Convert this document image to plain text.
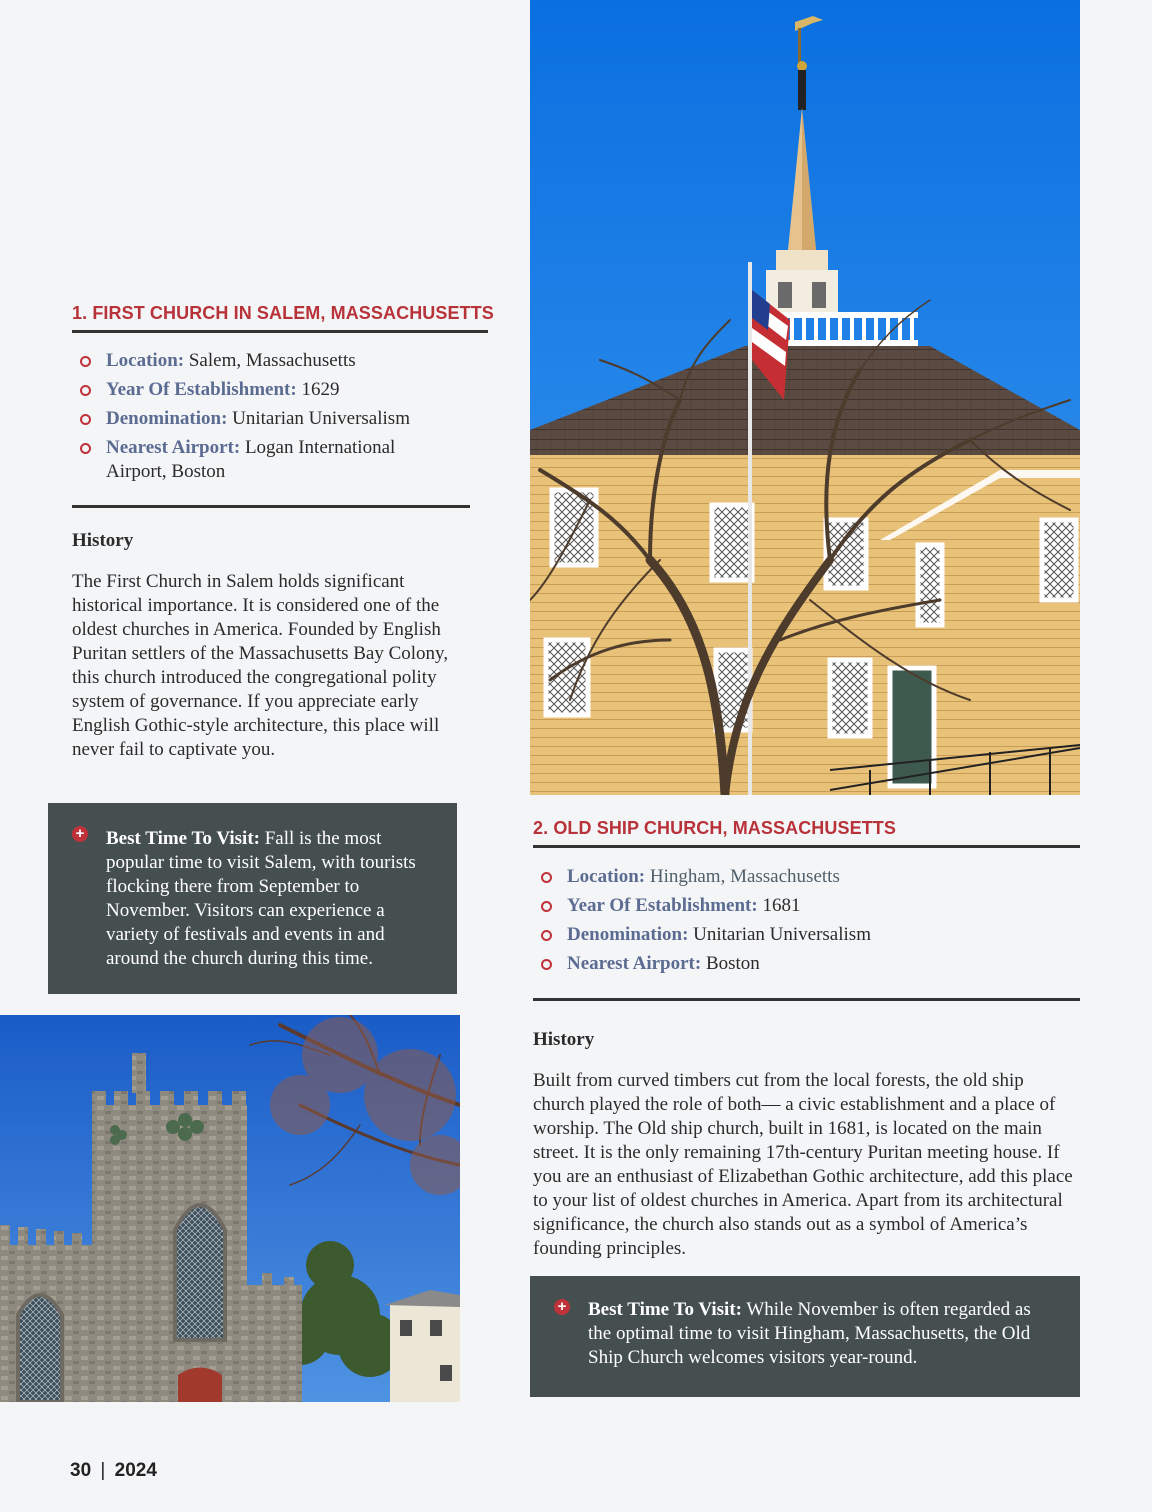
1. FIRST CHURCH IN SALEM, MASSACHUSETTS
Location: Salem, Massachusetts
Year Of Establishment: 1629
Denomination: Unitarian Universalism
Nearest Airport: Logan International Airport, Boston
History

The First Church in Salem holds significant historical importance. It is considered one of the oldest churches in America. Founded by English Puritan settlers of the Massachusetts Bay Colony, this church introduced the congregational polity system of governance. If you appreciate early English Gothic-style architecture, this place will never fail to captivate you.

+ Best Time To Visit: Fall is the most popular time to visit Salem, with tourists flocking there from September to November. Visitors can experience a variety of festivals and events in and around the church during this time.
2. OLD SHIP CHURCH, MASSACHUSETTS
Location: Hingham, Massachusetts
Year Of Establishment: 1681
Denomination: Unitarian Universalism
Nearest Airport: Boston
History

Built from curved timbers cut from the local forests, the old ship church played the role of both— a civic establishment and a place of worship. The Old ship church, built in 1681, is located on the main street. It is the only remaining 17th-century Puritan meeting house. If you are an enthusiast of Elizabethan Gothic architecture, add this place to your list of oldest churches in America. Apart from its architectural significance, the church also stands out as a symbol of America’s founding principles.

+ Best Time To Visit: While November is often regarded as the optimal time to visit Hingham, Massachusetts, the Old Ship Church welcomes visitors year-round.
30 | 2024
